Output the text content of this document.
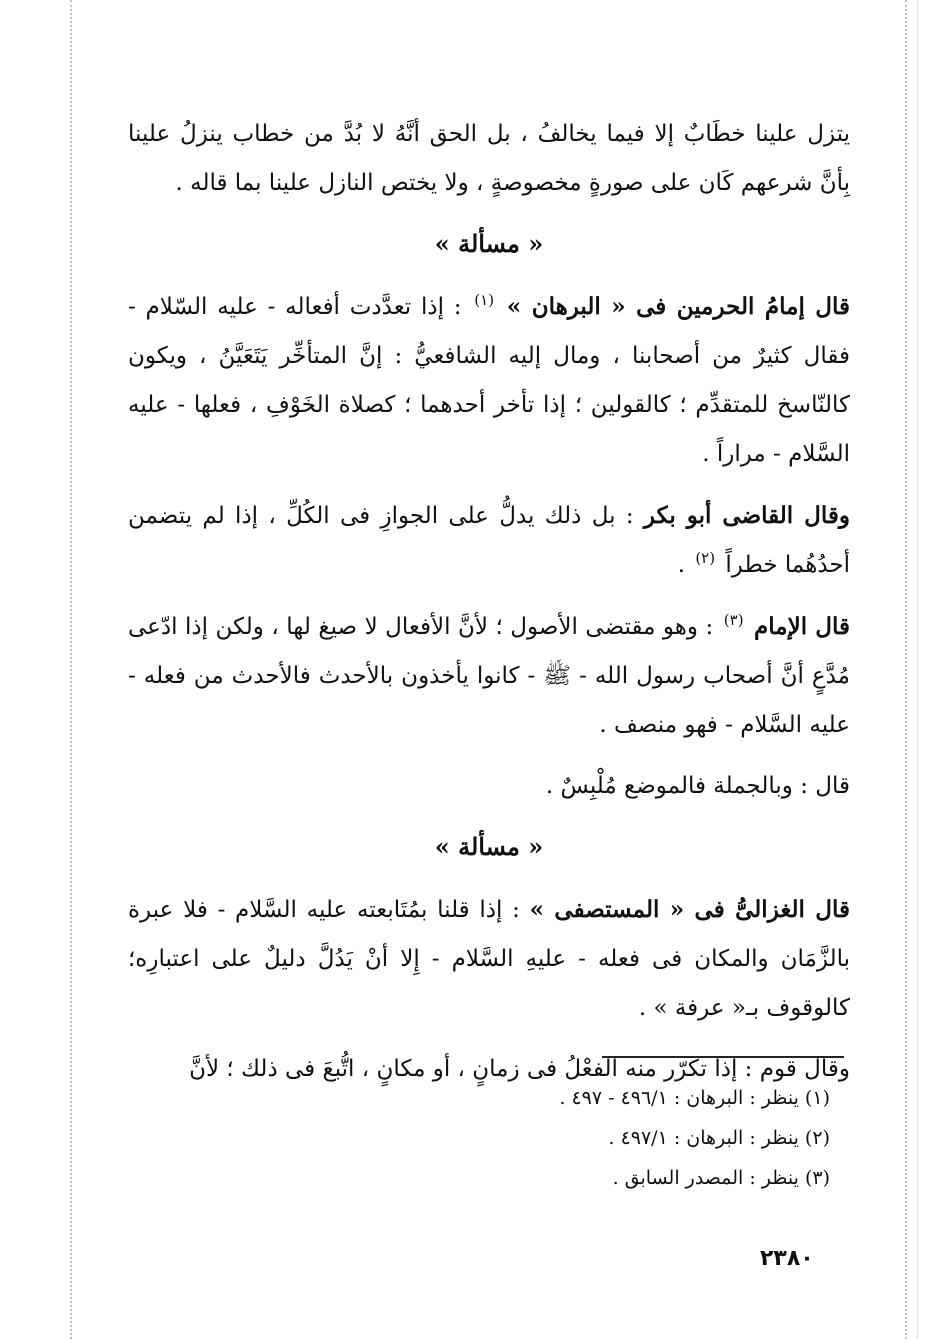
يتزل علينا خطَابٌ إلا فيما يخالفُ ، بل الحق أنَّهُ لا بُدَّ من خطاب ينزلُ علينا بِأنَّ شرعهم كَان على صورةٍ مخصوصةٍ ، ولا يختص النازل علينا بما قاله .

« مسألة »

قال إمامُ الحرمين فى « البرهان » $^{(١)}$ : إذا تعدَّدت أفعاله - عليه السّلام - فقال كثيرٌ من أصحابنا ، ومال إليه الشافعيُّ : إنَّ المتأخِّر يَتَعَيَّنُ ، ويكون كالنّاسخ للمتقدِّم ؛ كالقولين ؛ إذا تأخر أحدهما ؛ كصلاة الخَوْفِ ، فعلها - عليه السَّلام - مراراً .

وقال القاضى أبو بكر : بل ذلك يدلُّ على الجوازِ فى الكُلِّ ، إذا لم يتضمن أحدُهُما خطراً $^{(٢)}$ .

قال الإمام $^{(٣)}$ : وهو مقتضى الأصول ؛ لأنَّ الأفعال لا صيغ لها ، ولكن إذا ادّعى مُدَّعٍ أنَّ أصحاب رسول الله - ﷺ - كانوا يأخذون بالأحدث فالأحدث من فعله - عليه السَّلام - فهو منصف .

قال : وبالجملة فالموضع مُلْبِسٌ .

« مسألة »

قال الغزالىُّ فى « المستصفى » : إذا قلنا بمُتَابعته عليه السَّلام - فلا عبرة بالزَّمَان والمكان فى فعله - عليهِ السَّلام - إِلا أنْ يَدُلَّ دليلٌ على اعتبارِه؛ كالوقوف بـ« عرفة » .

وقال قوم : إذا تكرّر منه الفعْلُ فى زمانٍ ، أو مكانٍ ، اتُّبعَ فى ذلك ؛ لأنَّ

(١) ينظر : البرهان : ٤٩٦/١ - ٤٩٧ .
(٢) ينظر : البرهان : ٤٩٧/١ .
(٣) ينظر : المصدر السابق .
٢٣٨٠
